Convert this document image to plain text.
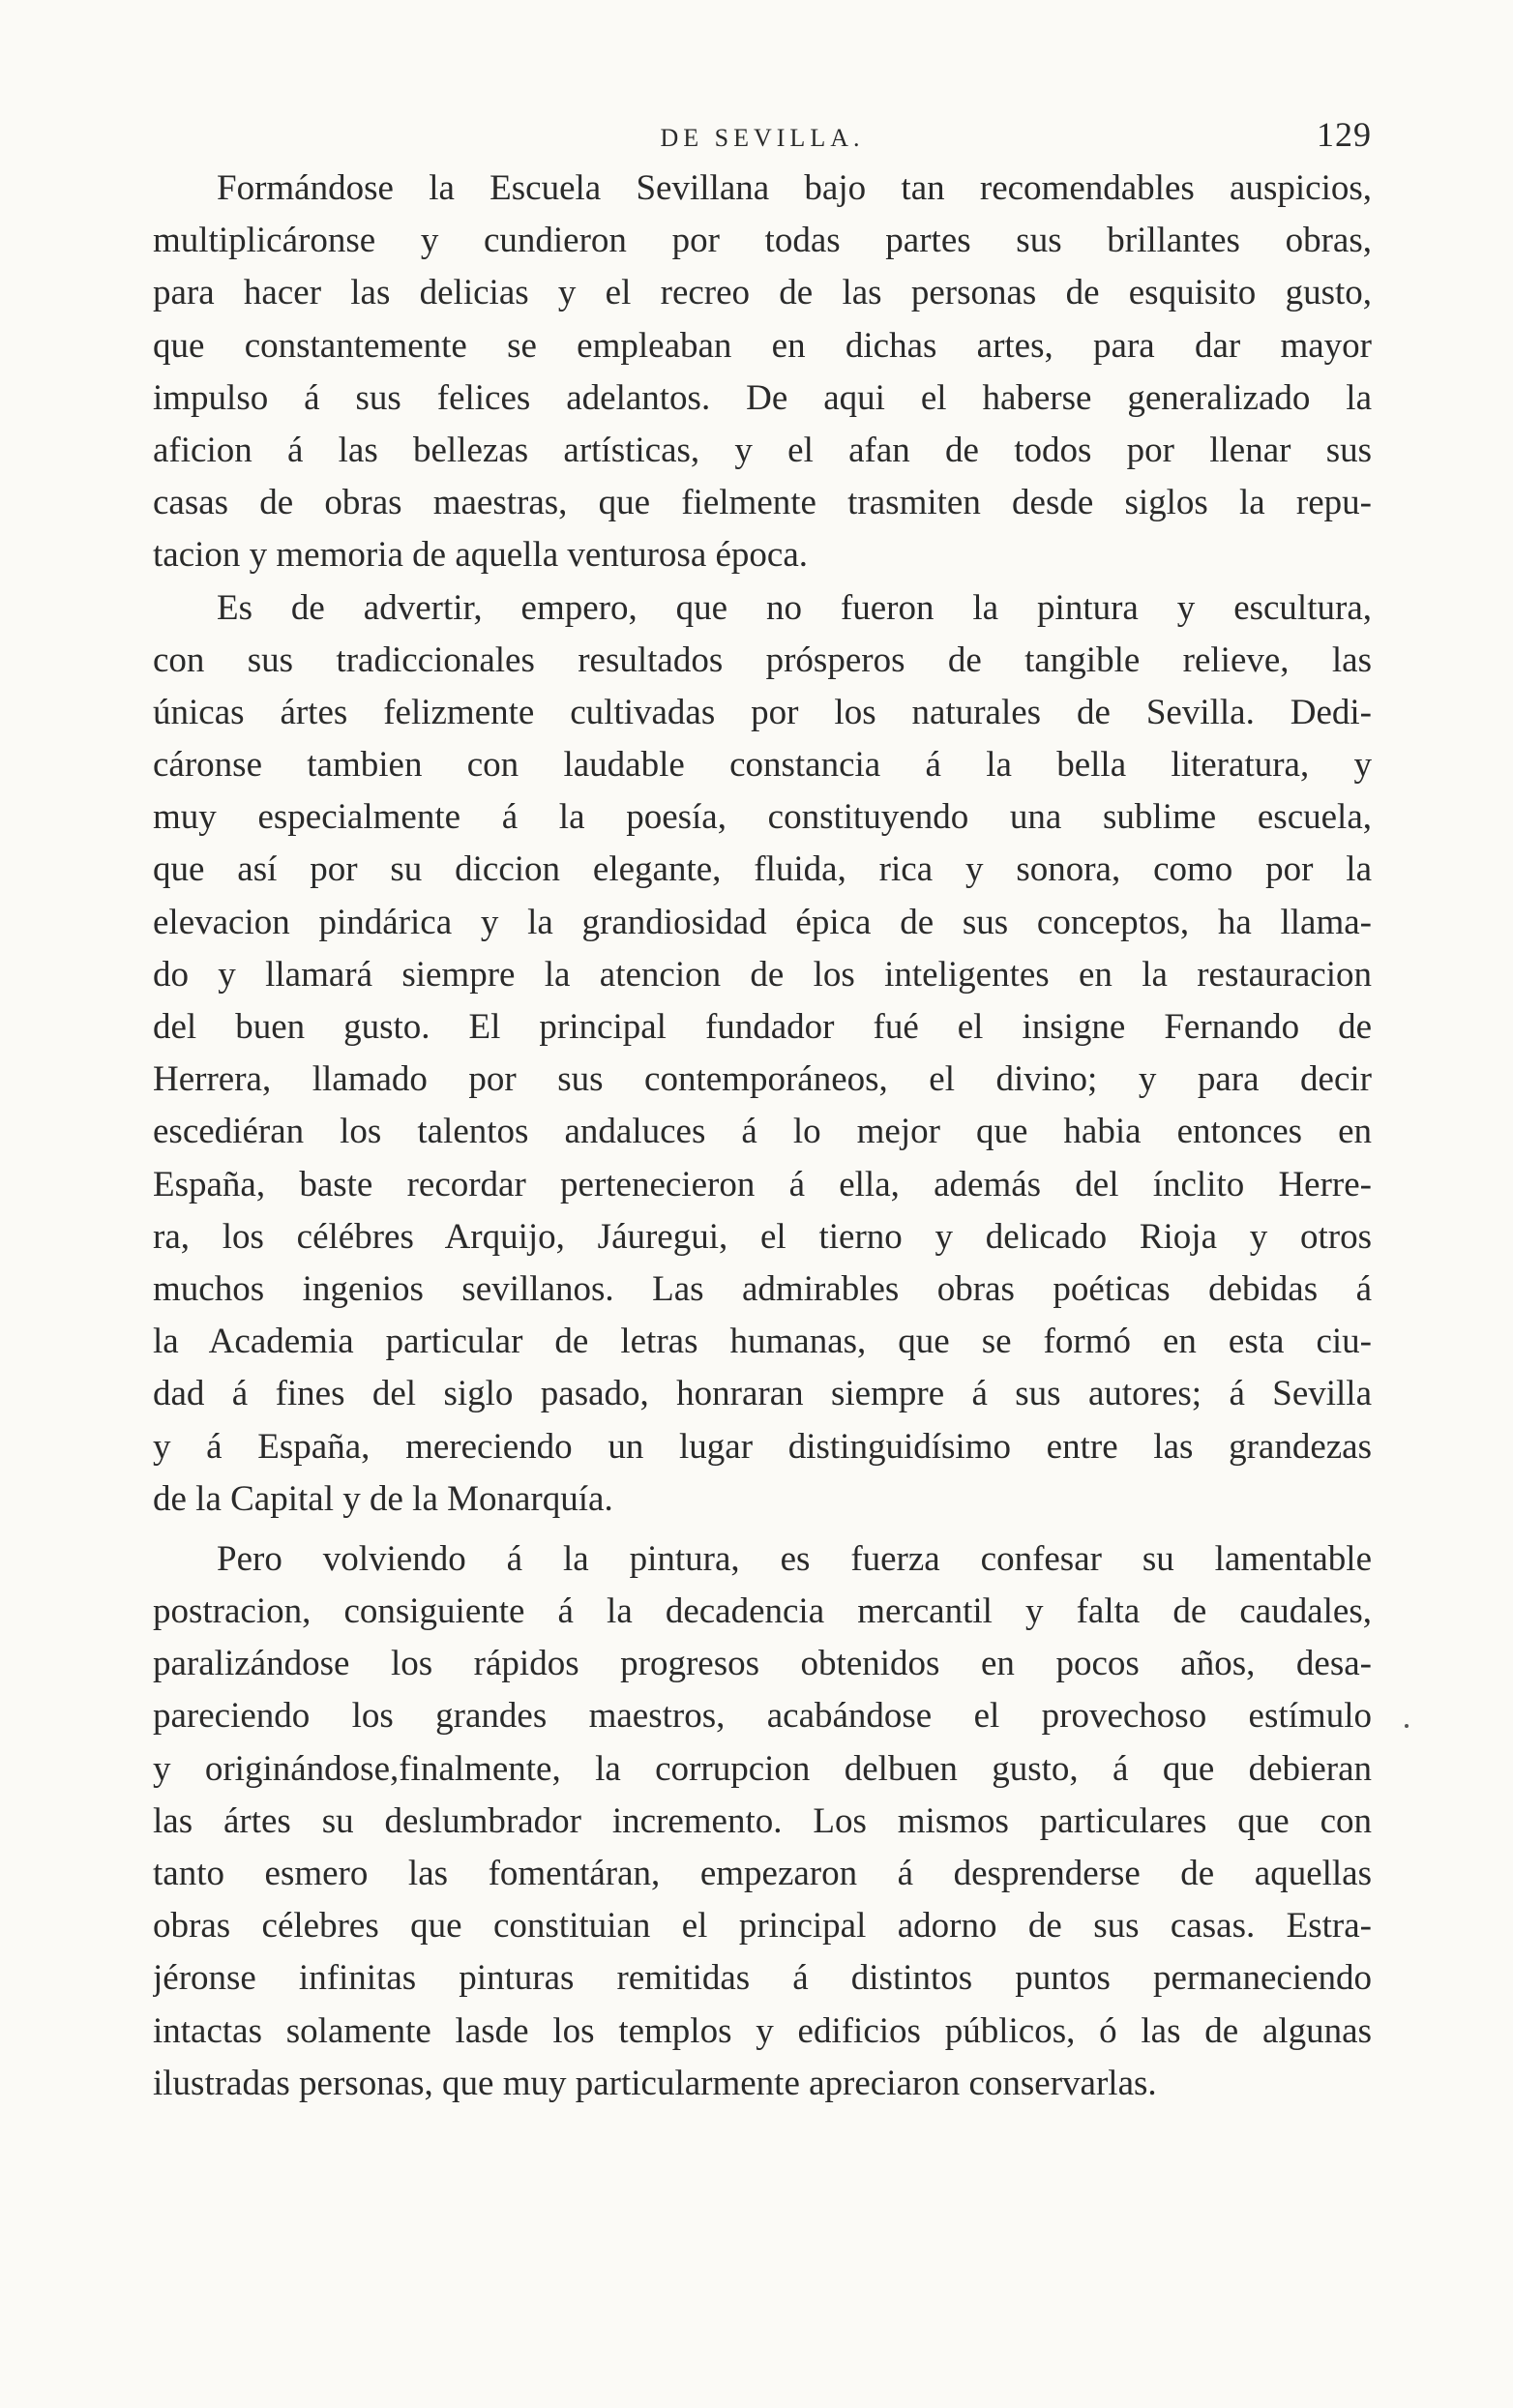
DE SEVILLA.	129
Formándose la Escuela Sevillana bajo tan recomendables auspicios,
multiplicáronse y cundieron por todas partes sus brillantes obras,
para hacer las delicias y el recreo de las personas de esquisito gusto,
que constantemente se empleaban en dichas artes, para dar mayor
impulso á sus felices adelantos. De aqui el haberse generalizado la
aficion á las bellezas artísticas, y el afan de todos por llenar sus
casas de obras maestras, que fielmente trasmiten desde siglos la repu-
tacion y memoria de aquella venturosa época.
Es de advertir, empero, que no fueron la pintura y escultura,
con sus tradiccionales resultados prósperos de tangible relieve, las
únicas ártes felizmente cultivadas por los naturales de Sevilla. Dedi-
cáronse tambien con laudable constancia á la bella literatura, y
muy especialmente á la poesía, constituyendo una sublime escuela,
que así por su diccion elegante, fluida, rica y sonora, como por la
elevacion pindárica y la grandiosidad épica de sus conceptos, ha llama-
do y llamará siempre la atencion de los inteligentes en la restauracion
del buen gusto. El principal fundador fué el insigne Fernando de
Herrera, llamado por sus contemporáneos, el divino; y para decir
escediéran los talentos andaluces á lo mejor que habia entonces en
España, baste recordar pertenecieron á ella, además del ínclito Herre-
ra, los célébres Arquijo, Jáuregui, el tierno y delicado Rioja y otros
muchos ingenios sevillanos. Las admirables obras poéticas debidas á
la Academia particular de letras humanas, que se formó en esta ciu-
dad á fines del siglo pasado, honraran siempre á sus autores; á Sevilla
y á España, mereciendo un lugar distinguidísimo entre las grandezas
de la Capital y de la Monarquía.
Pero volviendo á la pintura, es fuerza confesar su lamentable
postracion, consiguiente á la decadencia mercantil y falta de caudales,
paralizándose los rápidos progresos obtenidos en pocos años, desa-
pareciendo los grandes maestros, acabándose el provechoso estímulo
y originándose,finalmente, la corrupcion delbuen gusto, á que debieran
las ártes su deslumbrador incremento. Los mismos particulares que con
tanto esmero las fomentáran, empezaron á desprenderse de aquellas
obras célebres que constituian el principal adorno de sus casas. Estra-
jéronse infinitas pinturas remitidas á distintos puntos permaneciendo
intactas solamente lasde los templos y edificios públicos, ó las de algunas
ilustradas personas, que muy particularmente apreciaron conservarlas.
